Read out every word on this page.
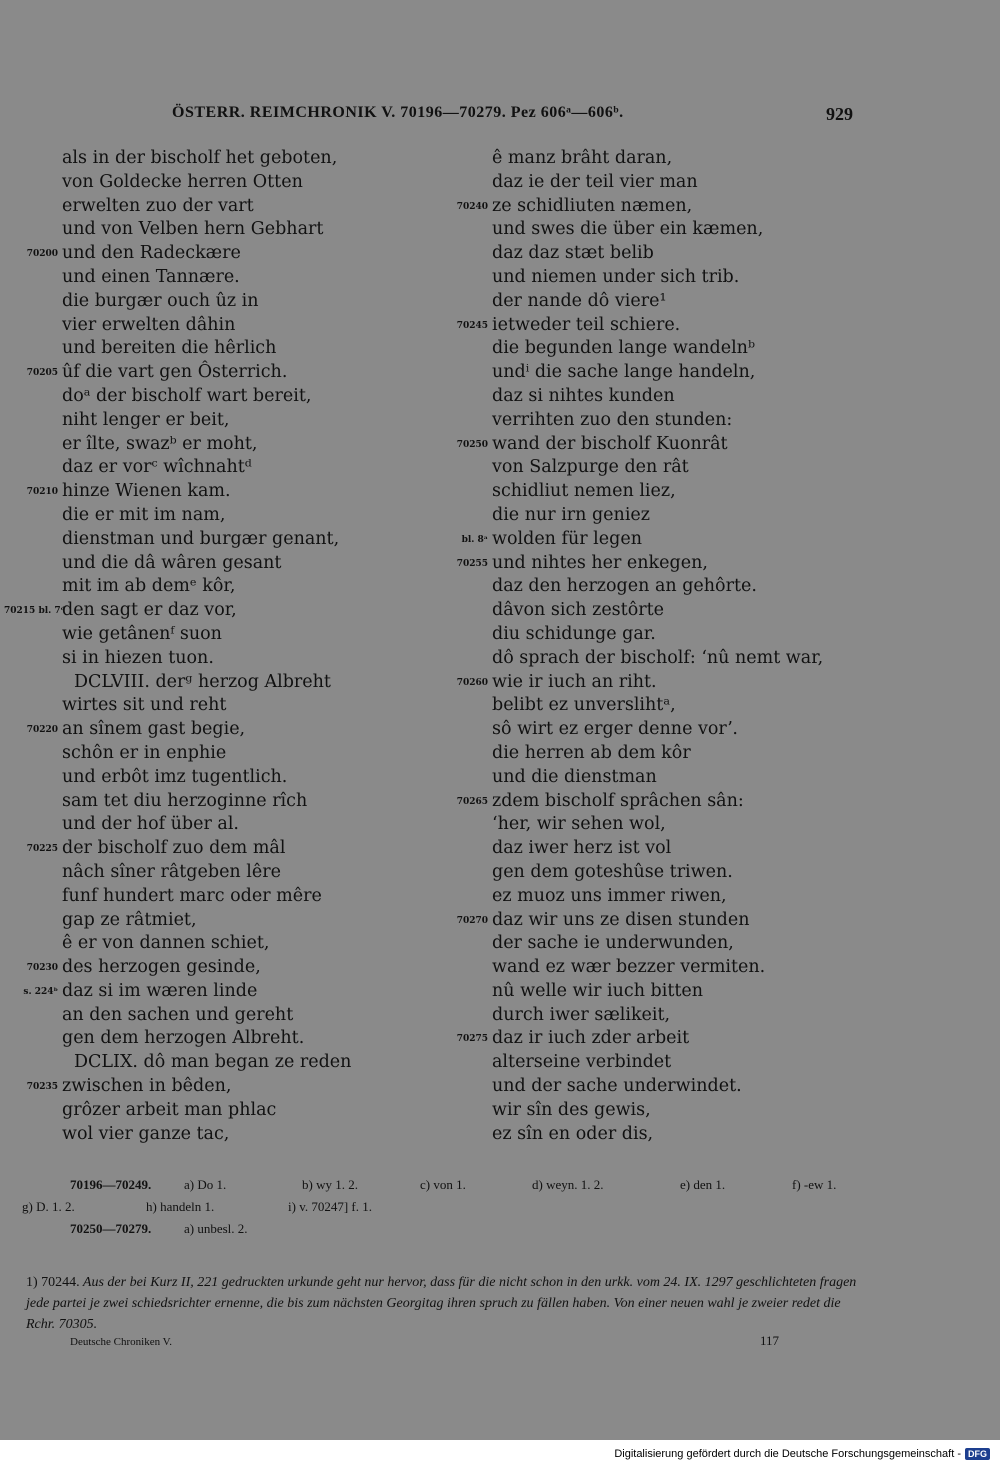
ÖSTERR. REIMCHRONIK V. 70196—70279. Pez 606ᵃ—606ᵇ.	929
als in der bischolf het geboten,
von Goldecke herren Otten
erwelten zuo der vart
und von Velben hern Gebhart
70200 und den Radeckære
und einen Tannære.
die burgær ouch ûz in
vier erwelten dâhin
und bereiten die hêrlich
70205 ûf die vart gen Ôsterrich.
doᵃ der bischolf wart bereit,
niht lenger er beit,
er îlte, swazᵇ er moht,
daz er vorᶜ wîchnahtᵈ
70210 hinze Wienen kam.
die er mit im nam,
dienstman und burgær genant,
und die dâ wâren gesant
mit im ab demᵉ kôr,
70215 bl. 7ᵈ
den sagt er daz vor,
wie getânenᶠ suon
si in hiezen tuon.
DCLVIII. derᵍ herzog Albreht
wirtes sit und reht
70220 an sînem gast begie,
schôn er in enphie
und erbôt imz tugentlich.
sam tet diu herzoginne rîch
und der hof über al.
70225 der bischolf zuo dem mâl
nâch sîner râtgeben lêre
funf hundert marc oder mêre
gap ze râtmiet,
ê er von dannen schiet,
70230 des herzogen gesinde,
s. 224ᵇ daz si im wæren linde
an den sachen und gereht
gen dem herzogen Albreht.
DCLIX. dô man began ze reden
70235 zwischen in bêden,
grôzer arbeit man phlac
wol vier ganze tac,
ê manz brâht daran,
daz ie der teil vier man
70240 ze schidliuten næmen,
und swes die über ein kæmen,
daz daz stæt belib
und niemen under sich trib.
der nande dô viere¹
70245 ietweder teil schiere.
die begunden lange wandelnᵇ
undⁱ die sache lange handeln,
daz si nihtes kunden
verrihten zuo den stunden:
70250 wand der bischolf Kuonrât
von Salzpurge den rât
schidliut nemen liez,
die nur irn geniez
bl. 8ᵃ wolden für legen
70255 und nihtes her enkegen,
daz den herzogen an gehôrte.
dâvon sich zestôrte
diu schidunge gar.
dô sprach der bischolf: ʻnû nemt war,
70260 wie ir iuch an riht.
belibt ez unverslihtᵃ,
sô wirt ez erger denne vorʼ.
die herren ab dem kôr
und die dienstman
70265 zdem bischolf sprâchen sân:
ʻher, wir sehen wol,
daz iwer herz ist vol
gen dem goteshûse triwen.
ez muoz uns immer riwen,
70270 daz wir uns ze disen stunden
der sache ie underwunden,
wand ez wær bezzer vermiten.
nû welle wir iuch bitten
durch iwer sælikeit,
70275 daz ir iuch zder arbeit
alterseine verbindet
und der sache underwindet.
wir sîn des gewis,
ez sîn en oder dis,
70196—70249.	a) Do 1.	b) wy 1. 2.	c) von 1.	d) weyn. 1. 2.	e) den 1.	f) -ew 1.
g) D. 1. 2.	h) handeln 1.	i) v. 70247] f. 1.
70250—70279.	a) unbesl. 2.
1) 70244. Aus der bei Kurz II, 221 gedruckten urkunde geht nur hervor, dass für die nicht schon in den urkk. vom 24. IX. 1297 geschlichteten fragen jede partei je zwei schiedsrichter ernenne, die bis zum nächsten Georgitag ihren spruch zu fällen haben. Von einer neuen wahl je zweier redet die Rchr. 70305.
Deutsche Chroniken V.	117
Digitalisierung gefördert durch die Deutsche Forschungsgemeinschaft - DFG
